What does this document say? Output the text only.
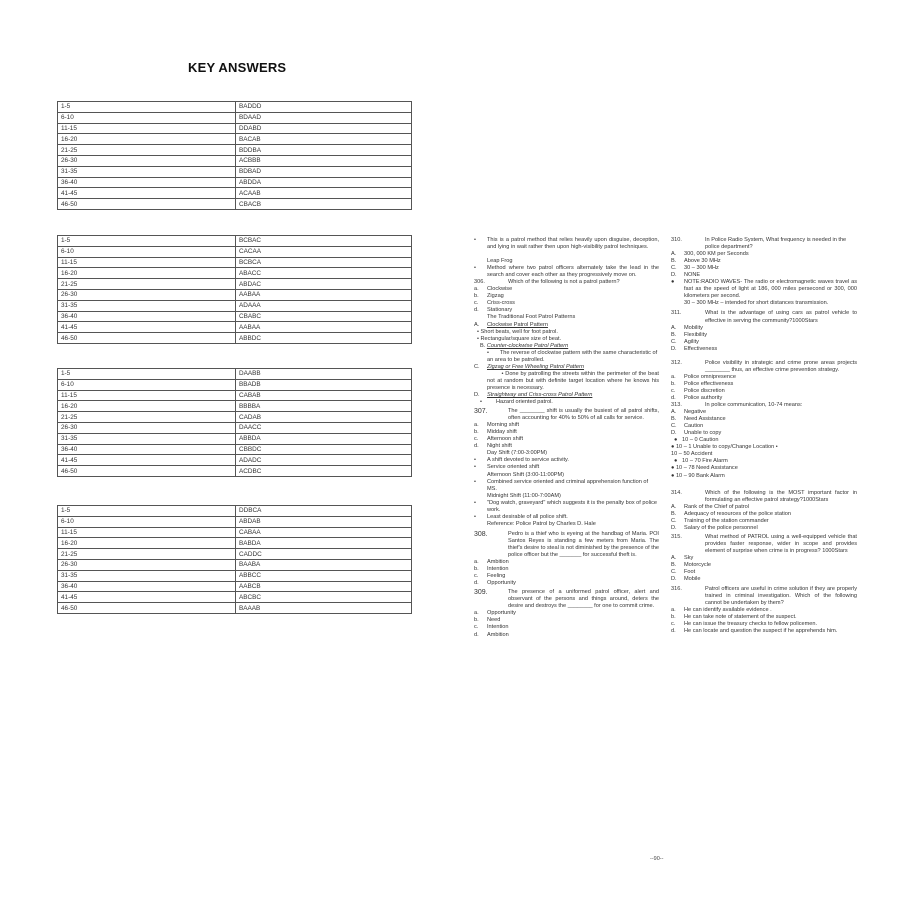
KEY ANSWERS
1-5	BADDD
6-10	BDAAD
11-15	DDABD
16-20	BACAB
21-25	BDDBA
26-30	ACBBB
31-35	BDBAD
36-40	ABDDA
41-45	ACAAB
46-50	CBACB
1-5	BCBAC
6-10	CACAA
11-15	BCBCA
16-20	ABACC
21-25	ABDAC
26-30	AABAA
31-35	ADAAA
36-40	CBABC
41-45	AABAA
46-50	ABBDC
1-5	DAABB
6-10	BBADB
11-15	CABAB
16-20	BBBBA
21-25	CADAB
26-30	DAACC
31-35	ABBDA
36-40	CBBDC
41-45	ADADC
46-50	ACDBC
1-5	DDBCA
6-10	ABDAB
11-15	CABAA
16-20	BABDA
21-25	CADDC
26-30	BAABA
31-35	ABBCC
36-40	AABCB
41-45	ABCBC
46-50	BAAAB
•	This is a patrol method that relies heavily upon disguise, deception, and lying in wait rather then upon high-visibility patrol techniques.
Leap Frog
•	Method where two patrol officers alternately take the lead in the search and cover each other as they progressively move on.
306.	Which of the following is not a patrol pattern?
a.	Clockwise
b.	Zigzag
c.	Criss-cross
d.	Stationary
The Traditional Foot Patrol Patterns
A.	Clockwise Patrol Pattern
• Short beats, well for foot patrol.
• Rectangular/square size of beat.
B. Counter-clockwise Patrol Pattern
•       The reverse of clockwise pattern with the same characteristic of an area to be patrolled.
C.	Zigzag or Free Wheeling Patrol Pattern
• Done by patrolling the streets within the perimeter of the beat not at random but with definite target location where he knows his presence is necessary.
D.	Straightway and Criss-cross Patrol Pattern
•         Hazard oriented patrol.
307.	The ________ shift is usually the busiest of all patrol shifts, often accounting for 40% to 50% of all calls for service.
a.	Morning shift
b.	Midday shift
c.	Afternoon shift
d.	Night shift
Day Shift (7:00-3:00PM)
•	A shift devoted to service activity.
•	Service oriented shift
Afternoon Shift (3:00-11:00PM)
•	Combined service oriented and criminal apprehension function of MS.
Midnight Shift (11:00-7:00AM)
•	"Dog watch, graveyard" which suggests it is the penalty box of police work.
•	Least desirable of all police shift.
Reference: Police Patrol by Charles D. Hale
308.	Pedro is a thief who is eyeing at the handbag of Maria. POI Santos Reyes is standing a few meters from Maria. The thief's desire to steal is not diminished by the presence of the police officer but the _______ for successful theft is.
a.	Ambition
b.	Intention
c.	Feeling
d.	Opportunity
309.	The presence of a uniformed patrol officer, alert and observant of the persons and things around, deters the desire and destroys the ________ for one to commit crime.
a.	Opportunity
b.	Need
c.	Intention
d.	Ambition
310.	In Police Radio System, What frequency is needed in the police department?
A.	300, 000 KM per Seconds
B.	Above 30 MHz
C.	30 – 300 MHz
D.	NONE
●	NOTE:RADIO WAVES- The radio or electromagnetic waves travel as fast as the speed of light at 186, 000 miles persecond or 300, 000 kilometers per second.
30 – 300 MHz – intended for short distances transmission.
311.	What is the advantage of using cars as patrol vehicle to effective in serving the community?1000Stars
A.	Mobility
B.	Flexibility
C.	Agility
D.	Effectiveness
312.	Police visibility in strategic and crime prone areas projects ________ thus, an effective crime prevention strategy.
a.	Police omnipresence
b.	Police effectiveness
c.	Police discretion
d.	Police authority
313.	In police communication, 10-74 means:
A.	Negative
B.	Need Assistance
C.	Caution
D.	Unable to copy
●   10 – 0 Caution
● 10 – 1 Unable to copy/Change Location •
10 – 50 Accident
●   10 – 70 Fire Alarm
● 10 – 78 Need Assistance
● 10 – 90 Bank Alarm
314.	Which of the following is the MOST important factor in formulating an effective patrol strategy?1000Stars
A.	Rank of the Chief of patrol
B.	Adequacy of resources of the police station
C.	Training of the station commander
D.	Salary of the police personnel
315.	What method of PATROL using a well-equipped vehicle that provides faster response, wider in scope and provides element of surprise when crime is in progress? 1000Stars
A.	Sky
B.	Motorcycle
C.	Foot
D.	Mobile
316.	Patrol officers are useful in crime solution if they are properly trained in criminal investigation. Which of the following cannot be undertaken by them?
a.	He can identify available evidence .
b.	He can take note of statement of the suspect.
c.	He can issue the treasury checks to fellow policemen.
d.	He can locate and question the suspect if he apprehends him.
--90--
